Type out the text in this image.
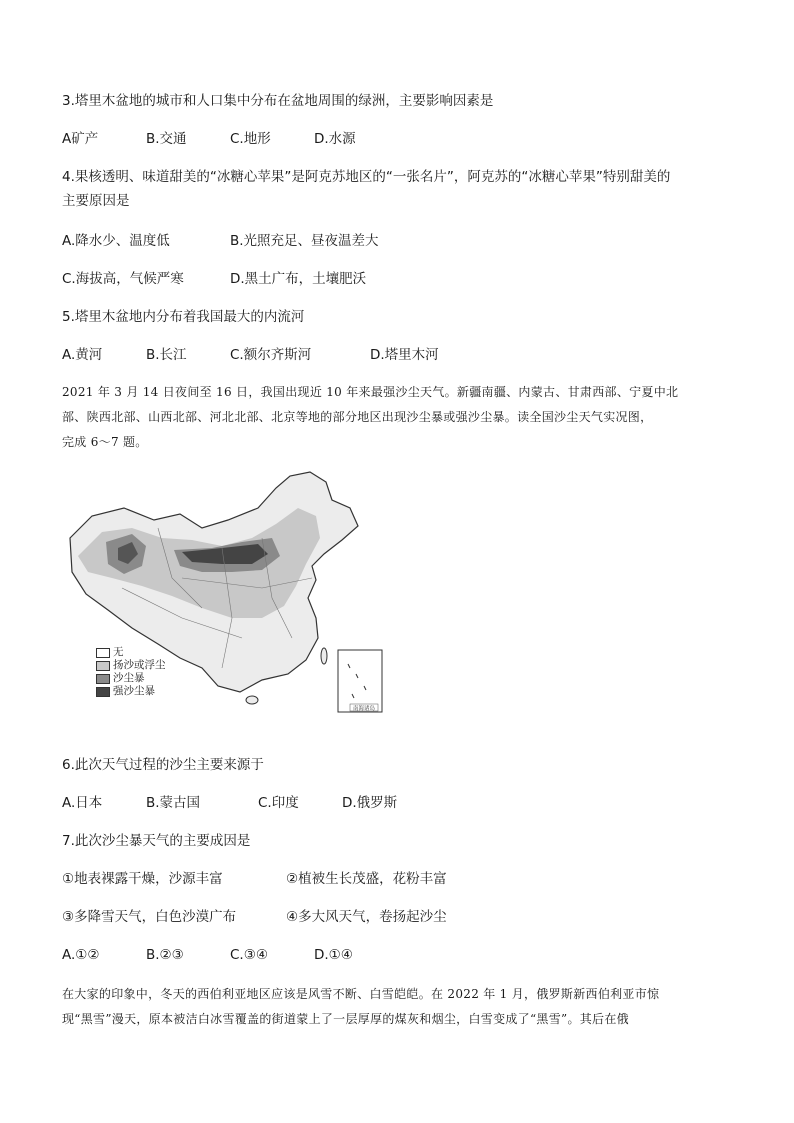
3.塔里木盆地的城市和人口集中分布在盆地周围的绿洲，主要影响因素是
A矿产	B.交通	C.地形	D.水源
4.果核透明、味道甜美的“冰糖心苹果”是阿克苏地区的“一张名片”，阿克苏的“冰糖心苹果”特别甜美的
主要原因是
A.降水少、温度低	B.光照充足、昼夜温差大
C.海拔高，气候严寒	D.黑土广布，土壤肥沃
5.塔里木盆地内分布着我国最大的内流河
A.黄河	B.长江	C.额尔齐斯河	D.塔里木河
2021 年 3 月 14 日夜间至 16 日，我国出现近 10 年来最强沙尘天气。新疆南疆、内蒙古、甘肃西部、宁夏中北
部、陕西北部、山西北部、河北北部、北京等地的部分地区出现沙尘暴或强沙尘暴。读全国沙尘天气实况图，
完成 6～7 题。
南海诸岛
无
扬沙或浮尘
沙尘暴
强沙尘暴
6.此次天气过程的沙尘主要来源于
A.日本	B.蒙古国	C.印度	D.俄罗斯
7.此次沙尘暴天气的主要成因是
①地表裸露干燥，沙源丰富	②植被生长茂盛，花粉丰富
③多降雪天气，白色沙漠广布	④多大风天气，卷扬起沙尘
A.①②	B.②③	C.③④	D.①④
在大家的印象中，冬天的西伯利亚地区应该是风雪不断、白雪皑皑。在 2022 年 1 月，俄罗斯新西伯利亚市惊
现“黑雪”漫天，原本被洁白冰雪覆盖的街道蒙上了一层厚厚的煤灰和烟尘，白雪变成了“黑雪”。其后在俄
